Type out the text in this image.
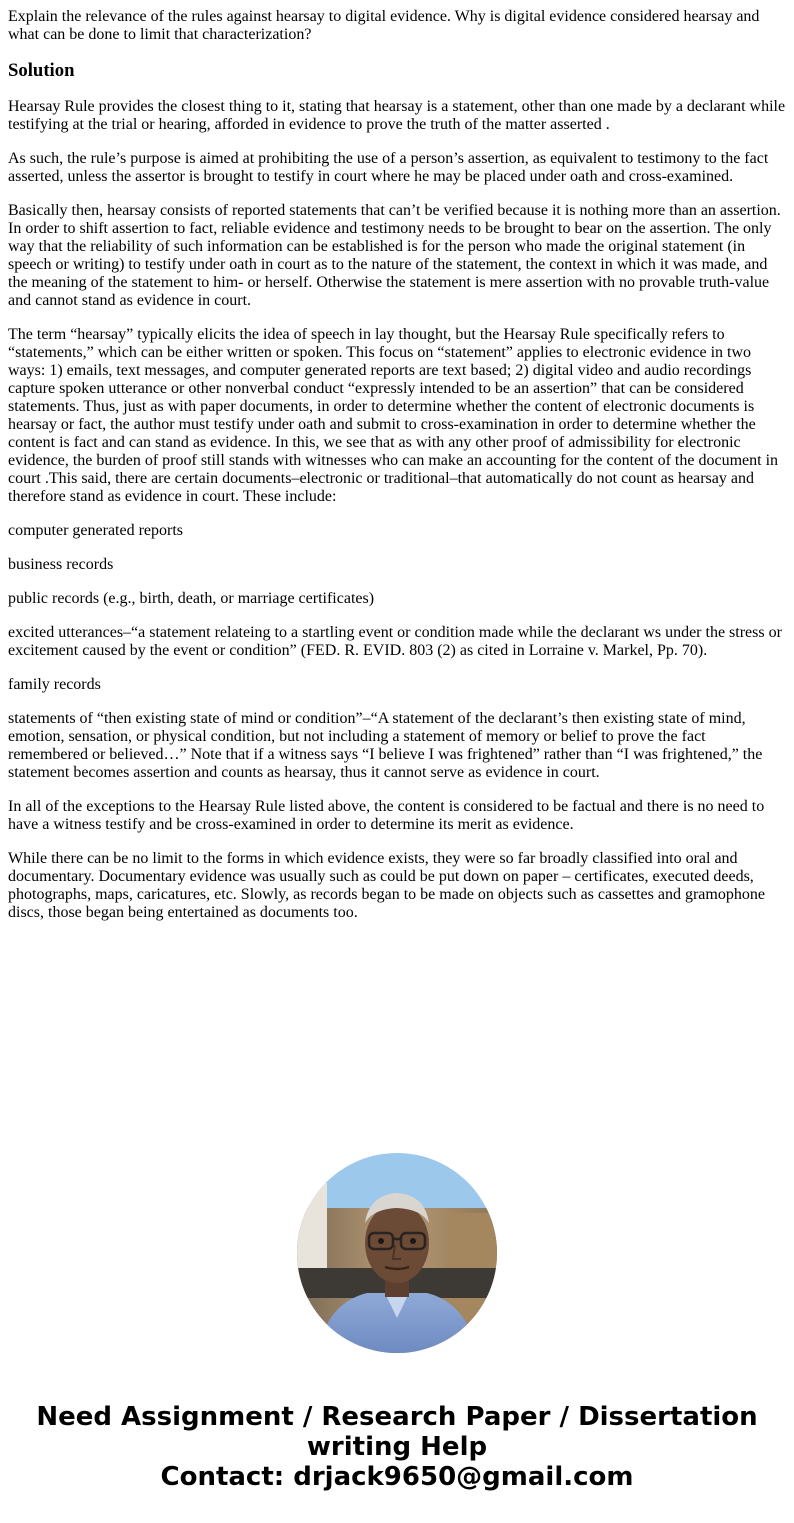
Explain the relevance of the rules against hearsay to digital evidence. Why is digital evidence considered hearsay and what can be done to limit that characterization?

Solution

Hearsay Rule provides the closest thing to it, stating that hearsay is a statement, other than one made by a declarant while testifying at the trial or hearing, afforded in evidence to prove the truth of the matter asserted .

As such, the rule’s purpose is aimed at prohibiting the use of a person’s assertion, as equivalent to testimony to the fact asserted, unless the assertor is brought to testify in court where he may be placed under oath and cross-examined.

Basically then, hearsay consists of reported statements that can’t be verified because it is nothing more than an assertion. In order to shift assertion to fact, reliable evidence and testimony needs to be brought to bear on the assertion. The only way that the reliability of such information can be established is for the person who made the original statement (in speech or writing) to testify under oath in court as to the nature of the statement, the context in which it was made, and the meaning of the statement to him- or herself. Otherwise the statement is mere assertion with no provable truth-value and cannot stand as evidence in court.

The term “hearsay” typically elicits the idea of speech in lay thought, but the Hearsay Rule specifically refers to “statements,” which can be either written or spoken. This focus on “statement” applies to electronic evidence in two ways: 1) emails, text messages, and computer generated reports are text based; 2) digital video and audio recordings capture spoken utterance or other nonverbal conduct “expressly intended to be an assertion” that can be considered statements. Thus, just as with paper documents, in order to determine whether the content of electronic documents is hearsay or fact, the author must testify under oath and submit to cross-examination in order to determine whether the content is fact and can stand as evidence. In this, we see that as with any other proof of admissibility for electronic evidence, the burden of proof still stands with witnesses who can make an accounting for the content of the document in court .This said, there are certain documents–electronic or traditional–that automatically do not count as hearsay and therefore stand as evidence in court. These include:

computer generated reports

business records

public records (e.g., birth, death, or marriage certificates)

excited utterances–“a statement relateing to a startling event or condition made while the declarant ws under the stress or excitement caused by the event or condition” (FED. R. EVID. 803 (2) as cited in Lorraine v. Markel, Pp. 70).

family records

statements of “then existing state of mind or condition”–“A statement of the declarant’s then existing state of mind, emotion, sensation, or physical condition, but not including a statement of memory or belief to prove the fact remembered or believed…” Note that if a witness says “I believe I was frightened” rather than “I was frightened,” the statement becomes assertion and counts as hearsay, thus it cannot serve as evidence in court.

In all of the exceptions to the Hearsay Rule listed above, the content is considered to be factual and there is no need to have a witness testify and be cross-examined in order to determine its merit as evidence.

While there can be no limit to the forms in which evidence exists, they were so far broadly classified into oral and documentary. Documentary evidence was usually such as could be put down on paper – certificates, executed deeds, photographs, maps, caricatures, etc. Slowly, as records began to be made on objects such as cassettes and gramophone discs, those began being entertained as documents too.

Need Assignment / Research Paper / Dissertation
writing Help
Contact: drjack9650@gmail.com
